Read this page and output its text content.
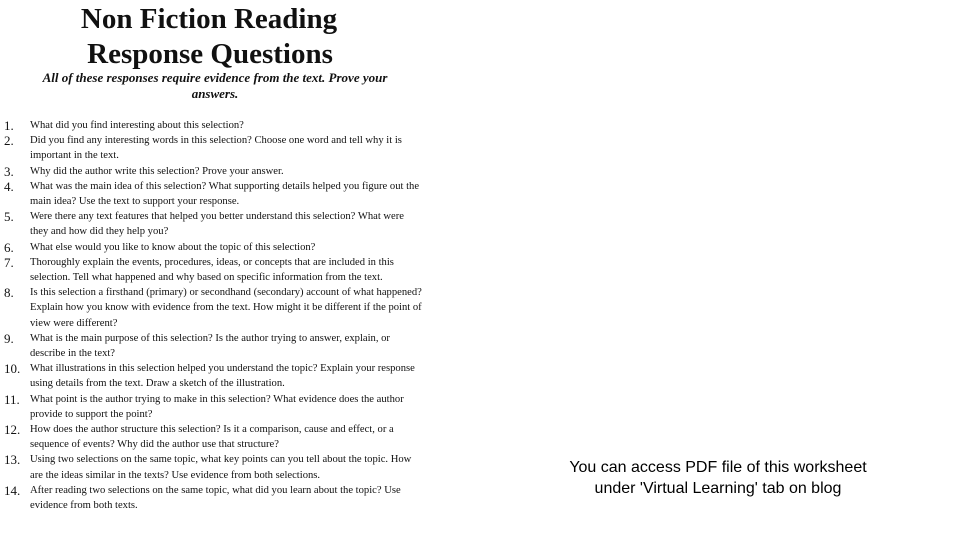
Non Fiction Reading
Response Questions
All of these responses require evidence from the text. Prove your answers.
1. What did you find interesting about this selection?
2. Did you find any interesting words in this selection? Choose one word and tell why it is important in the text.
3. Why did the author write this selection? Prove your answer.
4. What was the main idea of this selection? What supporting details helped you figure out the main idea? Use the text to support your response.
5. Were there any text features that helped you better understand this selection? What were they and how did they help you?
6. What else would you like to know about the topic of this selection?
7. Thoroughly explain the events, procedures, ideas, or concepts that are included in this selection. Tell what happened and why based on specific information from the text.
8. Is this selection a firsthand (primary) or secondhand (secondary) account of what happened? Explain how you know with evidence from the text. How might it be different if the point of view were different?
9. What is the main purpose of this selection? Is the author trying to answer, explain, or describe in the text?
10. What illustrations in this selection helped you understand the topic? Explain your response using details from the text. Draw a sketch of the illustration.
11. What point is the author trying to make in this selection? What evidence does the author provide to support the point?
12. How does the author structure this selection? Is it a comparison, cause and effect, or a sequence of events? Why did the author use that structure?
13. Using two selections on the same topic, what key points can you tell about the topic. How are the ideas similar in the texts? Use evidence from both selections.
14. After reading two selections on the same topic, what did you learn about the topic? Use evidence from both texts.
You can access PDF file of this worksheet under 'Virtual Learning' tab on blog
